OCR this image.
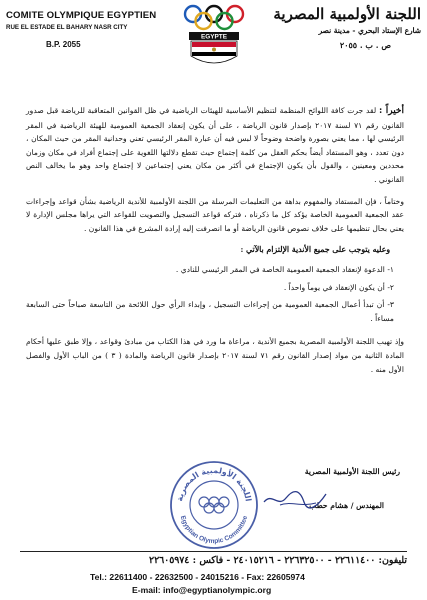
COMITE OLYMPIQUE EGYPTIEN
RUE EL ESTADE EL BAHARY NASR CITY
B.P. 2055
EGYPTE
اللجنة الأولمبية المصرية
شارع الإستاد البحري - مدينة نصر
ص . ب . ٢٠٥٥
أخيراً : لقد جرت كافة اللوائح المنظمة لتنظيم الأساسية للهيئات الرياضية في ظل القوانين المتعاقبة للرياضة قبل صدور القانون رقم ٧١ لسنة ٢٠١٧ بإصدار قانون الرياضة ، على أن يكون إنعقاد الجمعية العمومية للهيئة الرياضية في المقر الرئيسي لها ، مما يعني بصورة واضحة وضوحاً لا لبس فيه أن عبارة المقر الرئيسي تعني وحدانية المقر من حيث المكان ، دون تعدد ، وهو المستفاد أيضاً بحكم العقل من كلمة إجتماع حيث تقطع دلالتها اللغوية على إجتماع أفراد في مكان وزمان محددين ومعينين ، والقول بأن يكون الإجتماع في أكثر من مكان يعني إجتماعين لا إجتماع واحد وهو ما يخالف النص القانوني .
وختاماً ، فإن المستفاد والمفهوم بداهة من التعليمات المرسلة من اللجنة الأولمبية للأندية الرياضية بشأن قواعد وإجراءات عقد الجمعية العمومية الخاصة يؤكد كل ما ذكرناه ، فتركه قواعد التسجيل والتصويت للقواعد التي يراها مجلس الإدارة لا يعني بحال تنظيمها على خلاف نصوص قانون الرياضة أو ما انصرفت إليه إرادة المشرع في هذا القانون .
وعليه يتوجب على جميع الأندية الإلتزام بالآتي :
١- الدعوة لإنعقاد الجمعية العمومية الخاصة في المقر الرئيسي للنادي .
٢- أن يكون الإنعقاد في يوماً واحداً .
٣- أن تبدأ أعمال الجمعية العمومية من إجراءات التسجيل ، وإبداء الرأي حول اللائحة من التاسعة صباحاً حتى السابعة مساءاً .
وإذ تهيب اللجنة الأولمبية المصرية بجميع الأندية ، مراعاة ما ورد في هذا الكتاب من مبادئ وقواعد ، وإلا طبق عليها أحكام المادة الثانية من مواد إصدار القانون رقم ٧١ لسنة ٢٠١٧ بإصدار قانون الرياضة والمادة ( ٣ ) من الباب الأول والفصل الأول منه .
اللجنة الأولمبية المصرية
Egyptian Olympic Committee
رئيس اللجنة الأولمبية المصرية
المهندس / هشام حطب
تليفون: ٢٢٦١١٤٠٠ - ٢٢٦٣٢٥٠٠ - ٢٤٠١٥٢١٦ - فاكس : ٢٢٦٠٥٩٧٤
Tel.: 22611400 - 22632500 - 24015216 - Fax: 22605974
E-mail: info@egyptianolympic.org
